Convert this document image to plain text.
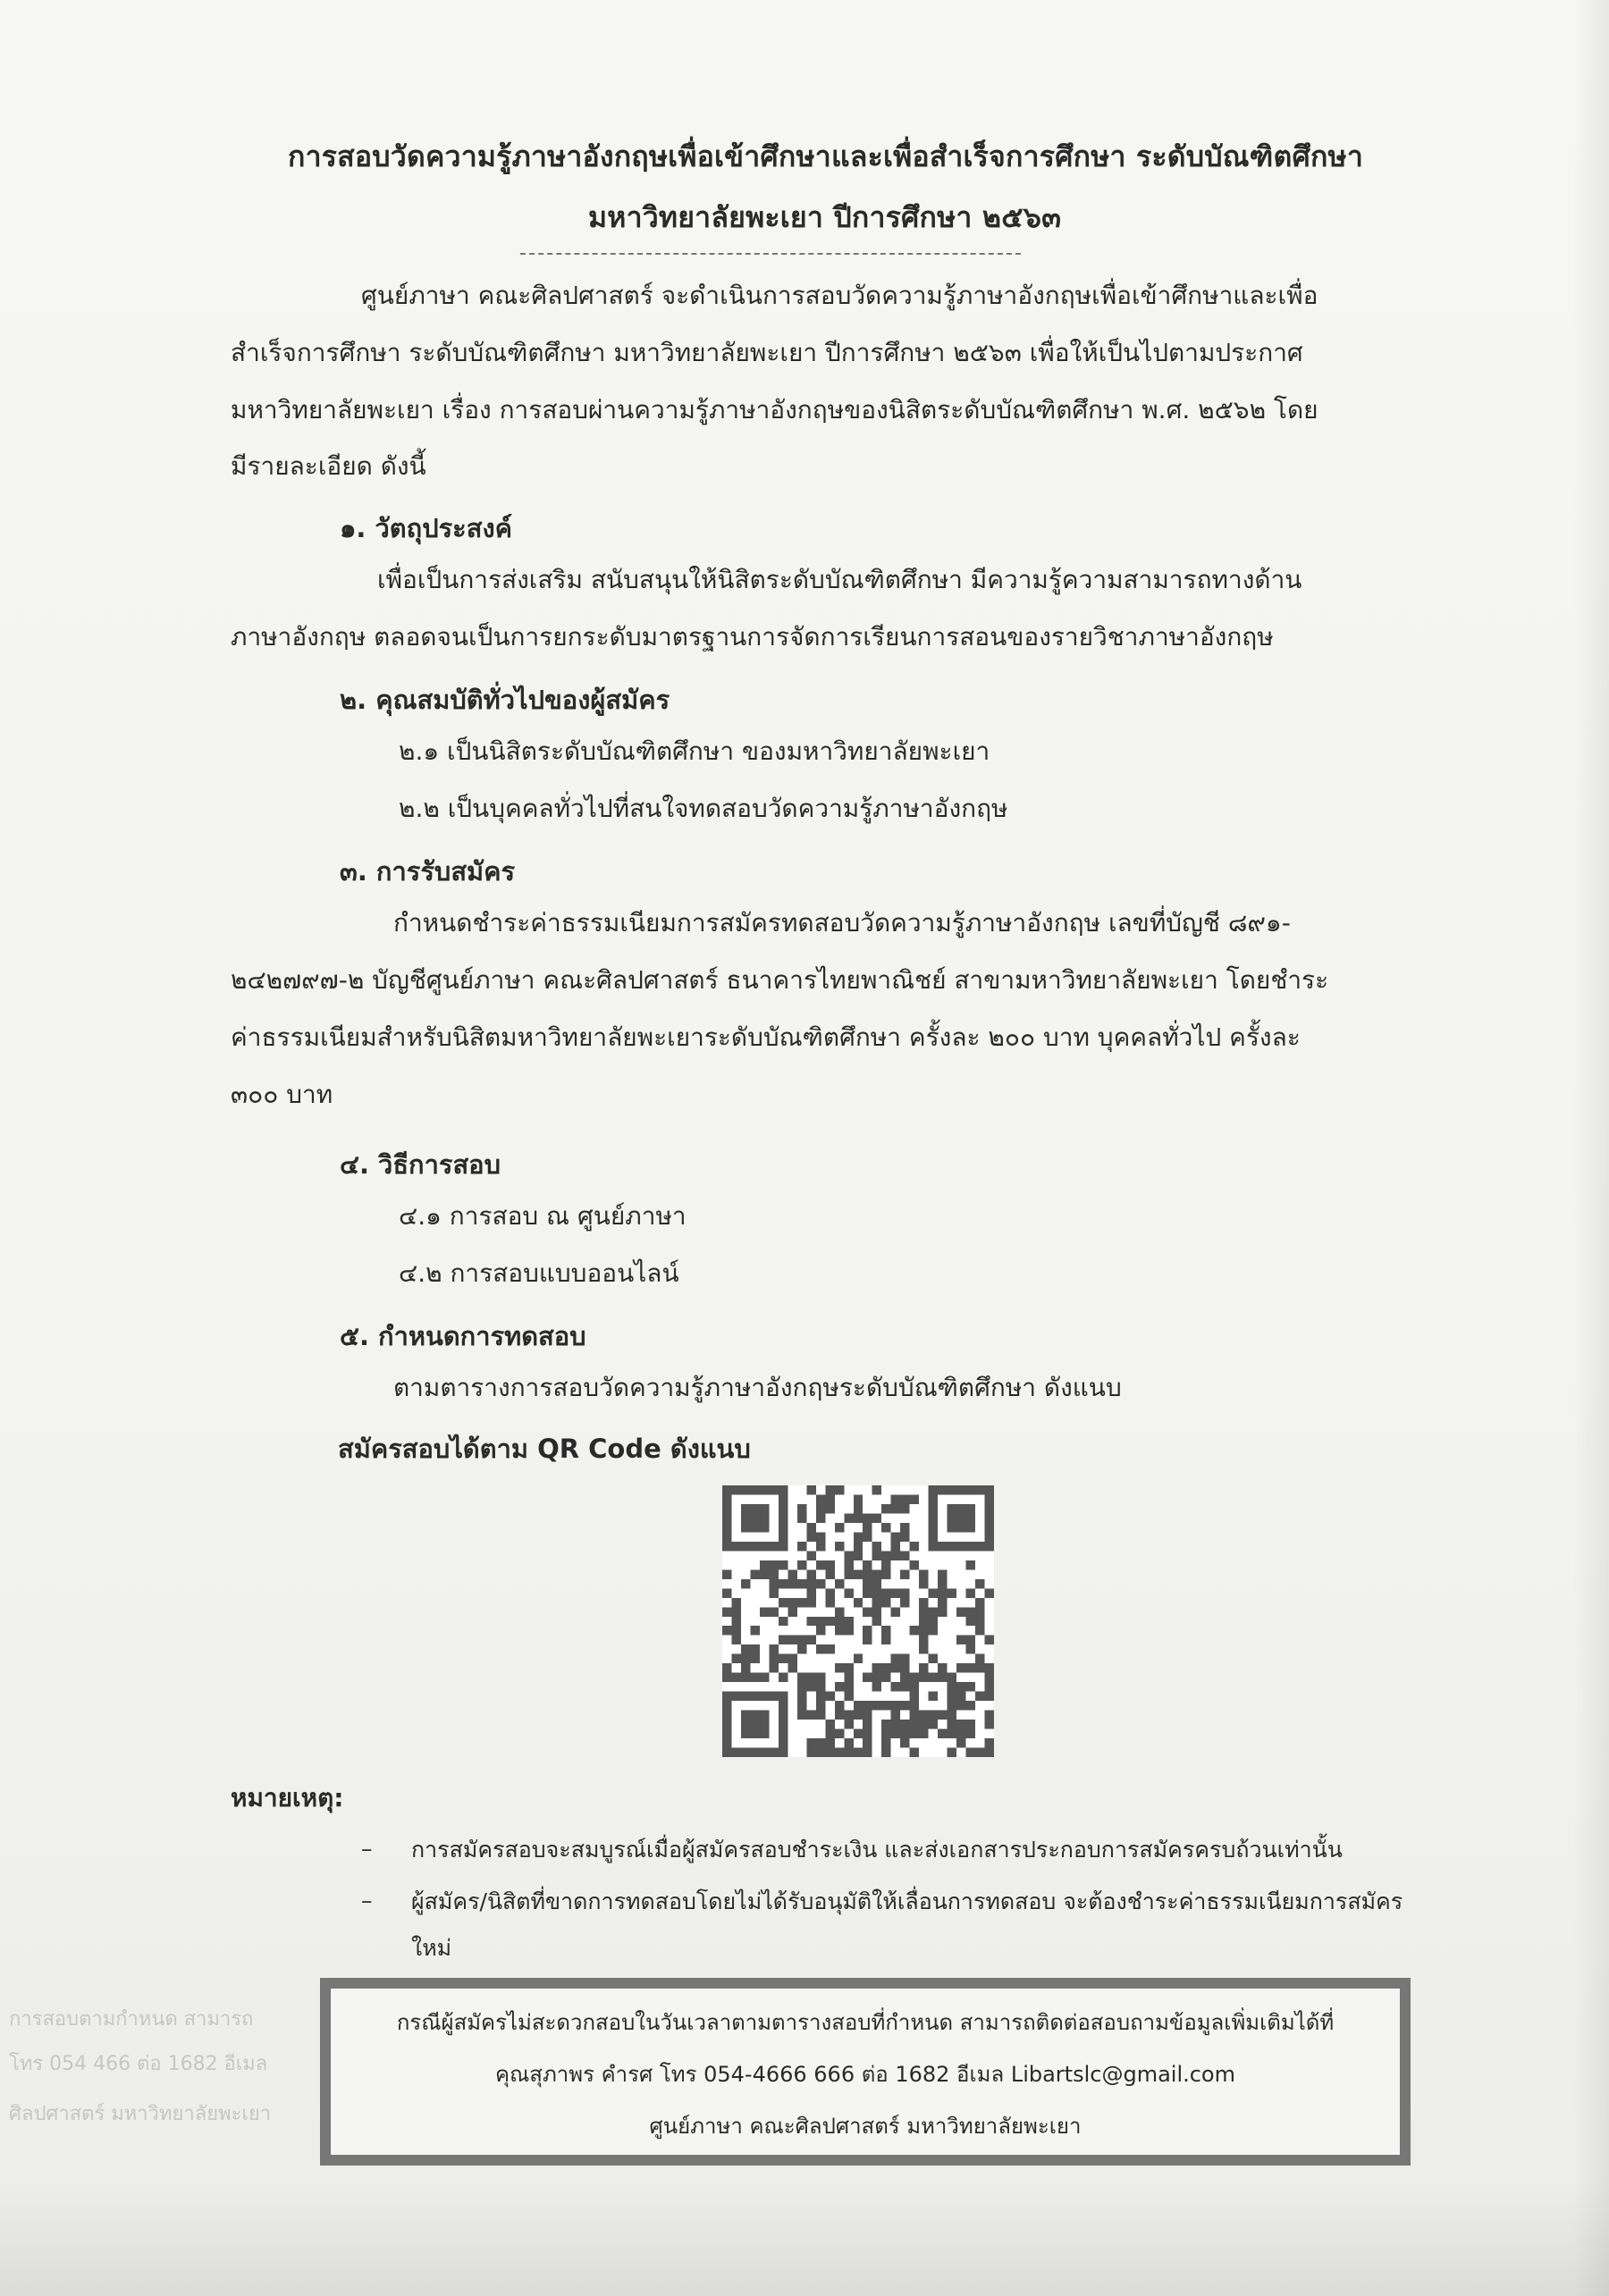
การสอบวัดความรู้ภาษาอังกฤษเพื่อเข้าศึกษาและเพื่อสำเร็จการศึกษา ระดับบัณฑิตศึกษา
มหาวิทยาลัยพะเยา ปีการศึกษา ๒๕๖๓
ศูนย์ภาษา คณะศิลปศาสตร์ จะดำเนินการสอบวัดความรู้ภาษาอังกฤษเพื่อเข้าศึกษาและเพื่อ
สำเร็จการศึกษา ระดับบัณฑิตศึกษา มหาวิทยาลัยพะเยา ปีการศึกษา ๒๕๖๓ เพื่อให้เป็นไปตามประกาศ
มหาวิทยาลัยพะเยา เรื่อง การสอบผ่านความรู้ภาษาอังกฤษของนิสิตระดับบัณฑิตศึกษา พ.ศ. ๒๕๖๒ โดย
มีรายละเอียด ดังนี้
๑. วัตถุประสงค์
เพื่อเป็นการส่งเสริม สนับสนุนให้นิสิตระดับบัณฑิตศึกษา มีความรู้ความสามารถทางด้าน
ภาษาอังกฤษ ตลอดจนเป็นการยกระดับมาตรฐานการจัดการเรียนการสอนของรายวิชาภาษาอังกฤษ
๒. คุณสมบัติทั่วไปของผู้สมัคร
๒.๑ เป็นนิสิตระดับบัณฑิตศึกษา ของมหาวิทยาลัยพะเยา
๒.๒ เป็นบุคคลทั่วไปที่สนใจทดสอบวัดความรู้ภาษาอังกฤษ
๓. การรับสมัคร
กำหนดชำระค่าธรรมเนียมการสมัครทดสอบวัดความรู้ภาษาอังกฤษ เลขที่บัญชี ๘๙๑-
๒๔๒๗๙๗-๒ บัญชีศูนย์ภาษา คณะศิลปศาสตร์ ธนาคารไทยพาณิชย์ สาขามหาวิทยาลัยพะเยา โดยชำระ
ค่าธรรมเนียมสำหรับนิสิตมหาวิทยาลัยพะเยาระดับบัณฑิตศึกษา ครั้งละ ๒๐๐ บาท บุคคลทั่วไป ครั้งละ
๓๐๐ บาท
๔. วิธีการสอบ
๔.๑ การสอบ ณ ศูนย์ภาษา
๔.๒ การสอบแบบออนไลน์
๕. กำหนดการทดสอบ
ตามตารางการสอบวัดความรู้ภาษาอังกฤษระดับบัณฑิตศึกษา ดังแนบ
สมัครสอบได้ตาม QR Code ดังแนบ
หมายเหตุ:
– การสมัครสอบจะสมบูรณ์เมื่อผู้สมัครสอบชำระเงิน และส่งเอกสารประกอบการสมัครครบถ้วนเท่านั้น
– ผู้สมัคร/นิสิตที่ขาดการทดสอบโดยไม่ได้รับอนุมัติให้เลื่อนการทดสอบ จะต้องชำระค่าธรรมเนียมการสมัคร
ใหม่
การสอบตามกำหนด สามารถ
โทร 054 466 ต่อ 1682 อีเมล
ศิลปศาสตร์ มหาวิทยาลัยพะเยา
กรณีผู้สมัครไม่สะดวกสอบในวันเวลาตามตารางสอบที่กำหนด สามารถติดต่อสอบถามข้อมูลเพิ่มเติมได้ที่
คุณสุภาพร คำรศ โทร 054-4666 666 ต่อ 1682 อีเมล Libartslc@gmail.com
ศูนย์ภาษา คณะศิลปศาสตร์ มหาวิทยาลัยพะเยา
